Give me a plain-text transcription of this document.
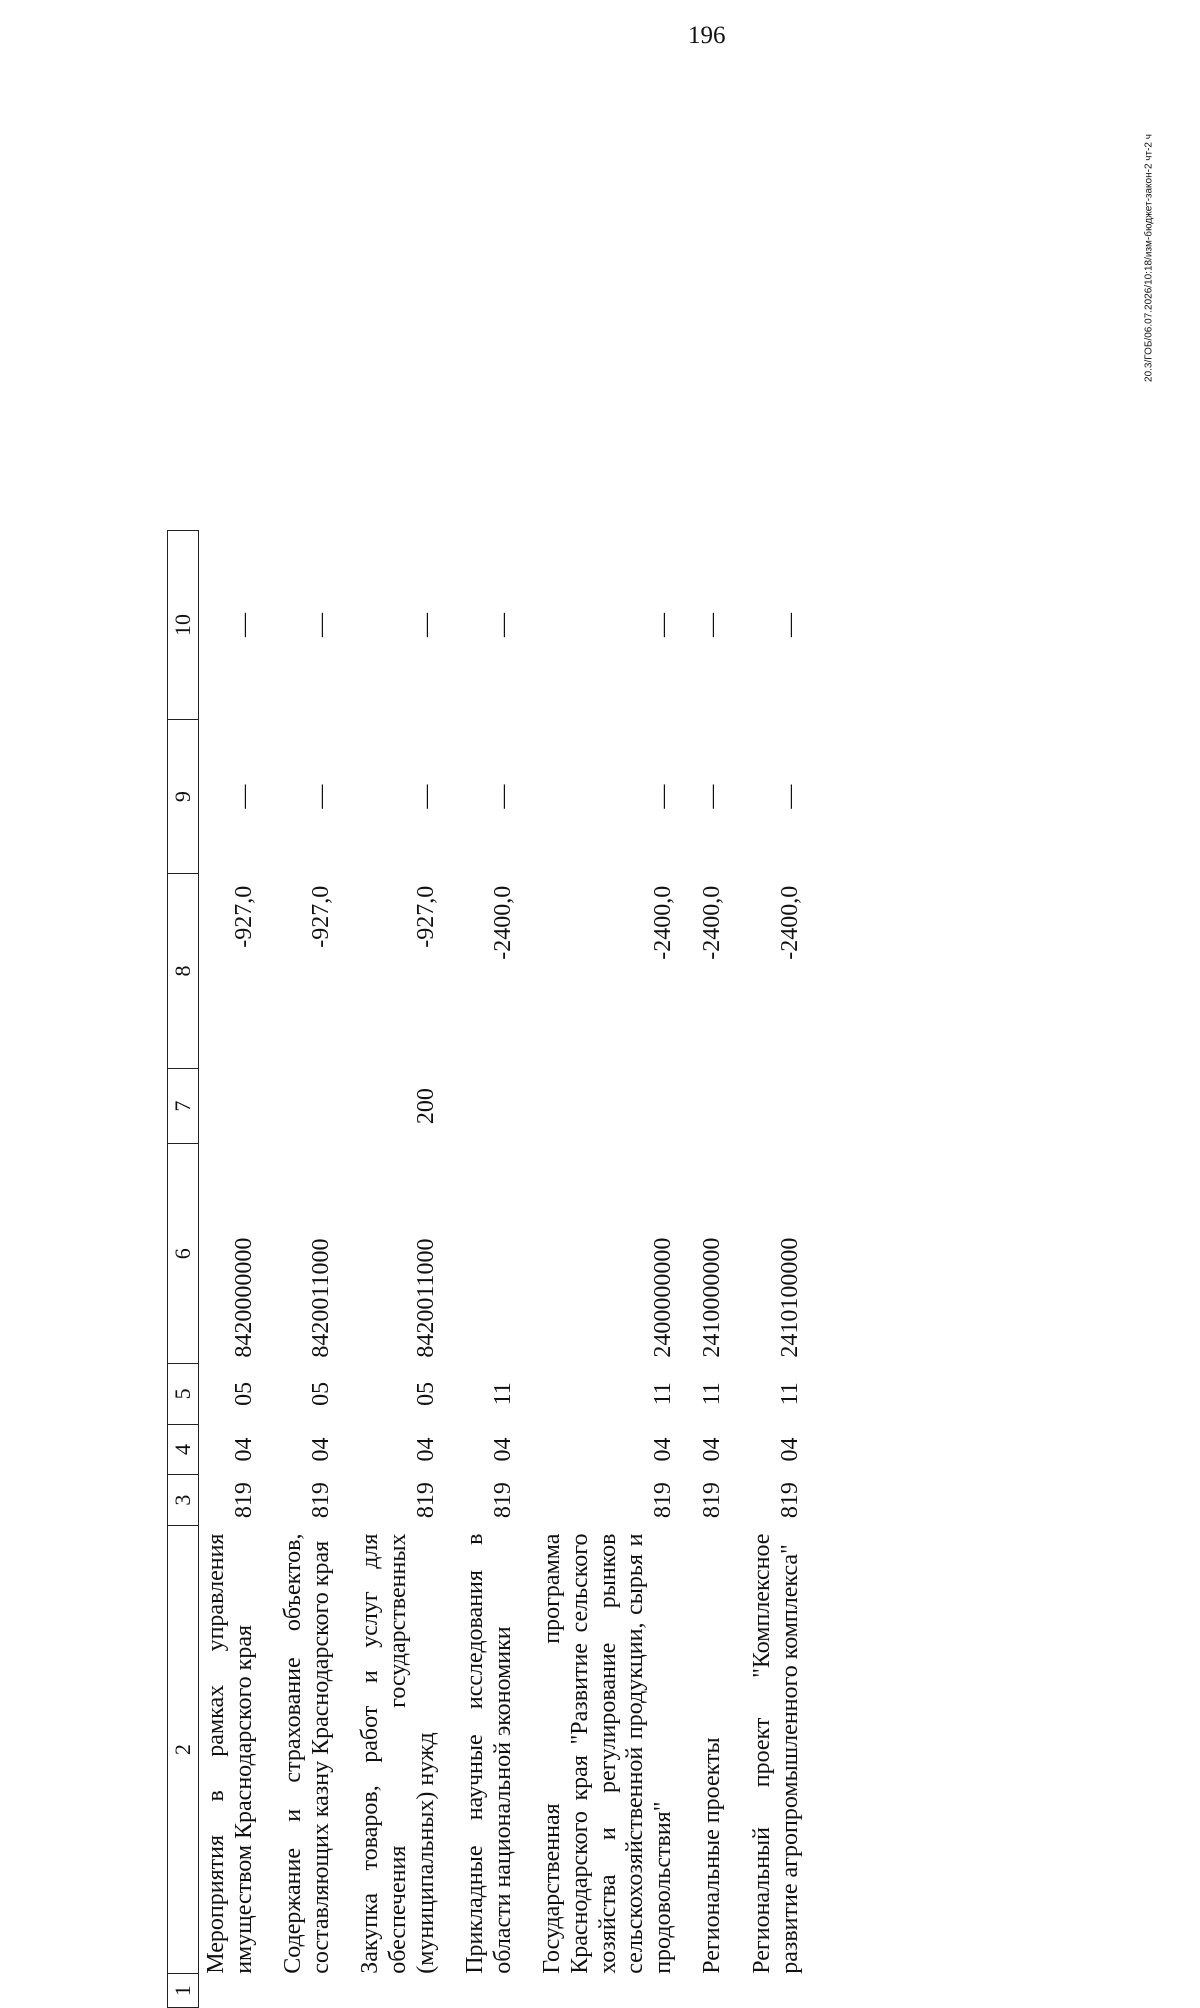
196
20.3/ГОБ/06.07.2026/10:18/изм-бюджет-закон-2 чт-2 ч
1	2	3	4	5	6	7	8	9	10
	Мероприятия в рамках управления имуществом Краснодарского края	819	04	05	8420000000		-927,0	—	—
	Содержание и страхование объектов, составляющих казну Краснодарского края	819	04	05	8420011000		-927,0	—	—
	Закупка товаров, работ и услуг для обеспечения государственных (муниципальных) нужд	819	04	05	8420011000	200	-927,0	—	—
	Прикладные научные исследования в области национальной экономики	819	04	11			-2400,0	—	—
	Государственная программа Краснодарского края "Развитие сельского хозяйства и регулирование рынков сельскохозяйственной продукции, сырья и продовольствия"	819	04	11	2400000000		-2400,0	—	—
	Региональные проекты	819	04	11	2410000000		-2400,0	—	—
	Региональный проект "Комплексное развитие агропромышленного комплекса"	819	04	11	2410100000		-2400,0	—	—
